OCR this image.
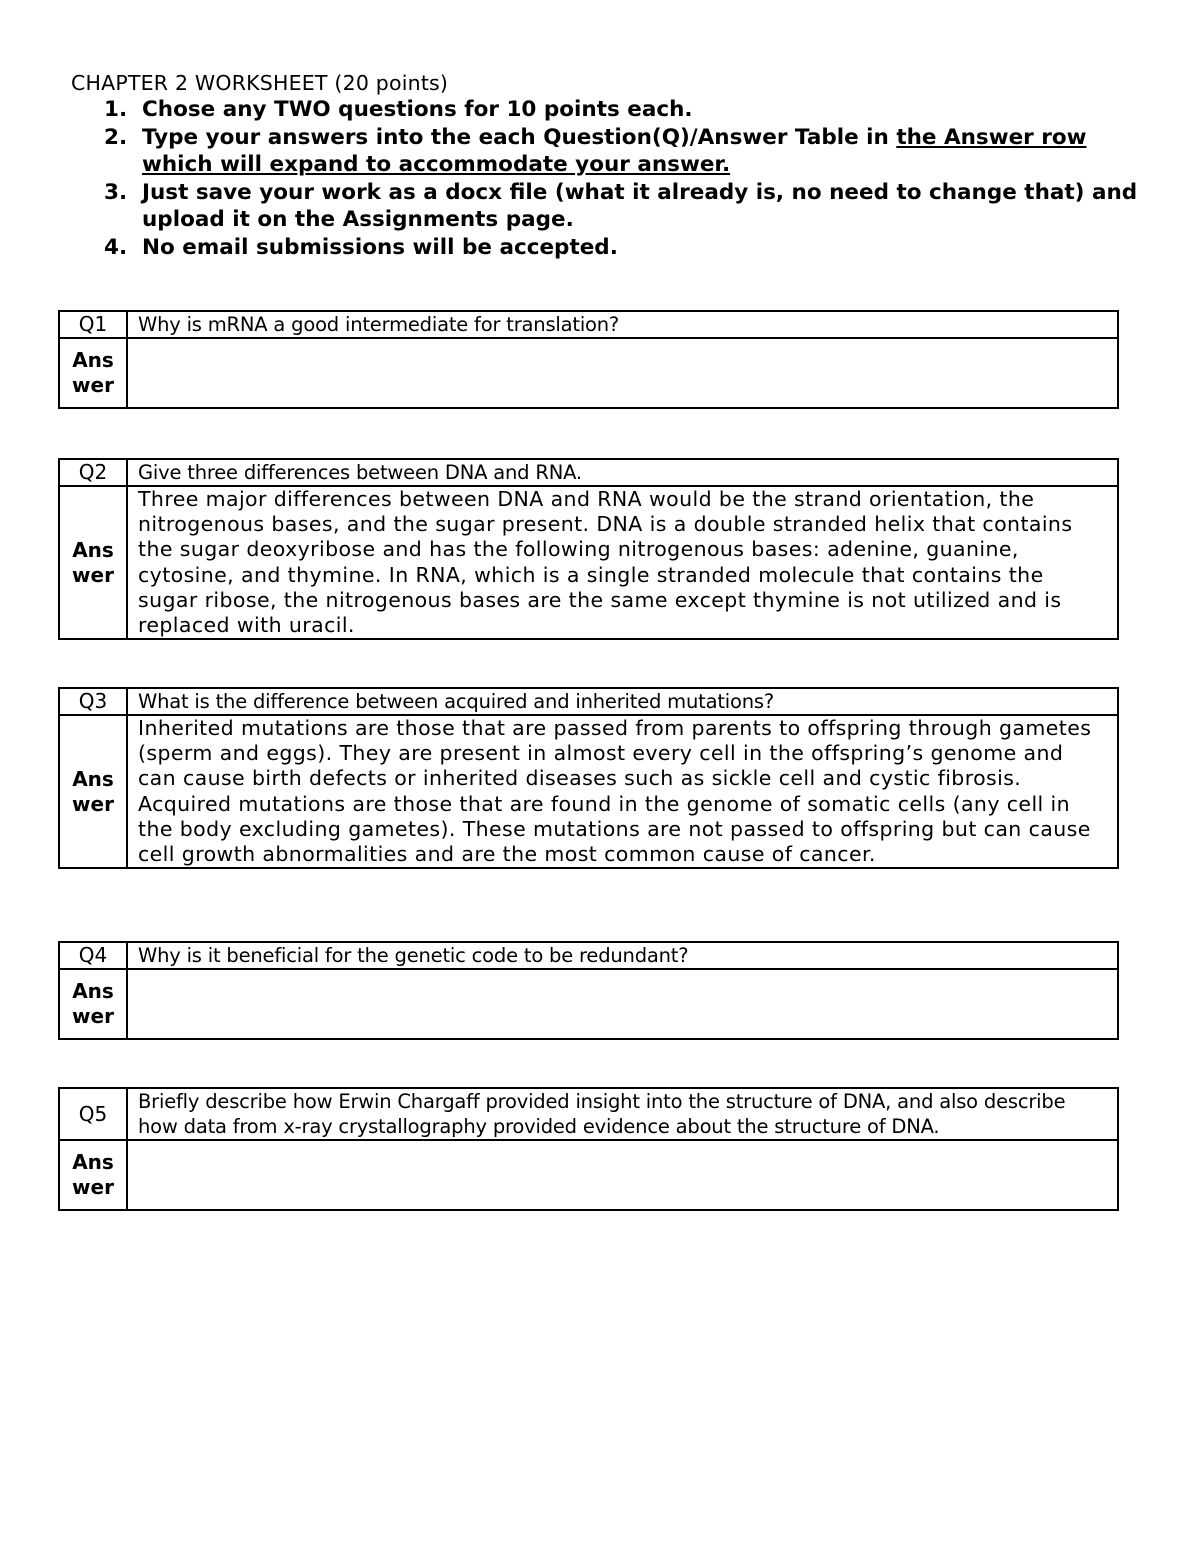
CHAPTER 2 WORKSHEET (20 points)
1. Chose any TWO questions for 10 points each.
2. Type your answers into the each Question(Q)/Answer Table in the Answer row which will expand to accommodate your answer.
3. Just save your work as a docx file (what it already is, no need to change that) and upload it on the Assignments page.
4. No email submissions will be accepted.
Q1	Why is mRNA a good intermediate for translation?
Ans wer	
Q2	Give three differences between DNA and RNA.
Ans wer	Three major differences between DNA and RNA would be the strand orientation, the nitrogenous bases, and the sugar present. DNA is a double stranded helix that contains the sugar deoxyribose and has the following nitrogenous bases: adenine, guanine, cytosine, and thymine. In RNA, which is a single stranded molecule that contains the sugar ribose, the nitrogenous bases are the same except thymine is not utilized and is replaced with uracil.
Q3	What is the difference between acquired and inherited mutations?
Ans wer	Inherited mutations are those that are passed from parents to offspring through gametes (sperm and eggs). They are present in almost every cell in the offspring’s genome and can cause birth defects or inherited diseases such as sickle cell and cystic fibrosis. Acquired mutations are those that are found in the genome of somatic cells (any cell in the body excluding gametes). These mutations are not passed to offspring but can cause cell growth abnormalities and are the most common cause of cancer.
Q4	Why is it beneficial for the genetic code to be redundant?
Ans wer	
Q5	Briefly describe how Erwin Chargaff provided insight into the structure of DNA, and also describe how data from x-ray crystallography provided evidence about the structure of DNA.
Ans wer	
